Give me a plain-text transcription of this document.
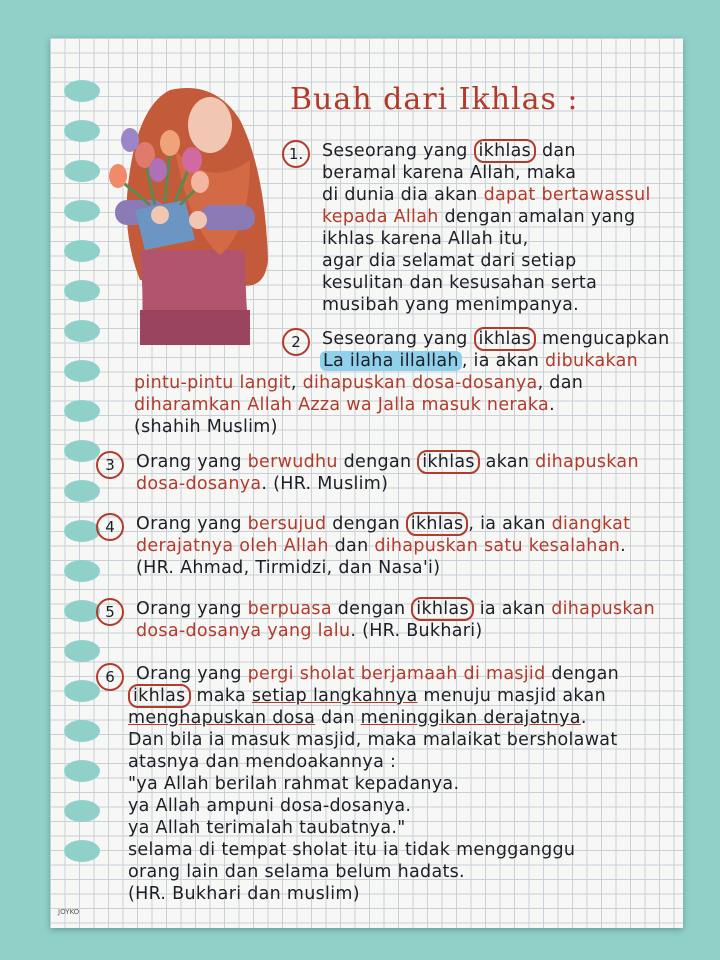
Buah dari Ikhlas :
1.	Seseorang yang ikhlas dan
beramal karena Allah, maka
di dunia dia akan dapat bertawassul
kepada Allah dengan amalan yang
ikhlas karena Allah itu,
agar dia selamat dari setiap
kesulitan dan kesusahan serta
musibah yang menimpanya.
2	Seseorang yang ikhlas mengucapkan
La ilaha illallah , ia akan dibukakan
pintu-pintu langit, dihapuskan dosa-dosanya, dan
diharamkan Allah Azza wa Jalla masuk neraka.
(shahih Muslim)
3	Orang yang berwudhu dengan ikhlas akan dihapuskan
dosa-dosanya. (HR. Muslim)
4	Orang yang bersujud dengan ikhlas , ia akan diangkat
derajatnya oleh Allah dan dihapuskan satu kesalahan.
(HR. Ahmad, Tirmidzi, dan Nasa'i)
5	Orang yang berpuasa dengan ikhlas ia akan dihapuskan
dosa-dosanya yang lalu. (HR. Bukhari)
6	Orang yang pergi sholat berjamaah di masjid dengan
ikhlas maka setiap langkahnya menuju masjid akan
menghapuskan dosa dan meninggikan derajatnya.
Dan bila ia masuk masjid, maka malaikat bersholawat
atasnya dan mendoakannya :
"ya Allah berilah rahmat kepadanya.
ya Allah ampuni dosa-dosanya.
ya Allah terimalah taubatnya."
selama di tempat sholat itu ia tidak mengganggu
orang lain dan selama belum hadats.
(HR. Bukhari dan muslim)
JOYKO
